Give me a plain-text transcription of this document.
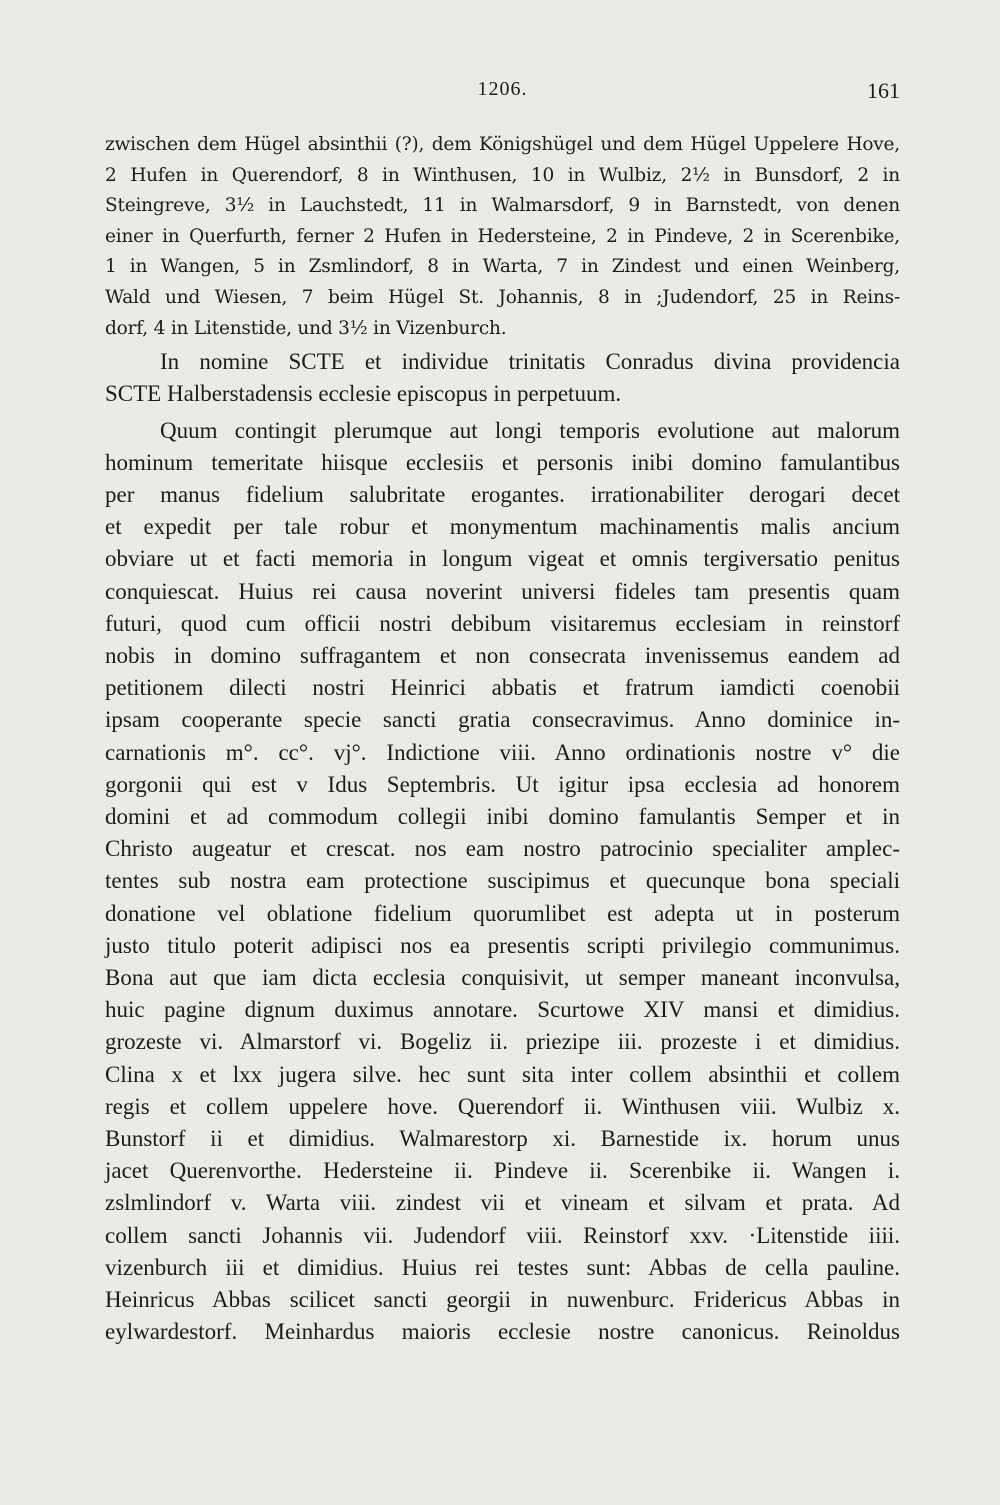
1206.	161
zwischen dem Hügel absinthii (?), dem Königshügel und dem Hügel Uppelere Hove,
2 Hufen in Querendorf, 8 in Winthusen, 10 in Wulbiz, 2½ in Bunsdorf, 2 in
Steingreve, 3½ in Lauchstedt, 11 in Walmarsdorf, 9 in Barnstedt, von denen
einer in Querfurth, ferner 2 Hufen in Hedersteine, 2 in Pindeve, 2 in Scerenbike,
1 in Wangen, 5 in Zsmlindorf, 8 in Warta, 7 in Zindest und einen Weinberg,
Wald und Wiesen, 7 beim Hügel St. Johannis, 8 in ;Judendorf, 25 in Reins-
dorf, 4 in Litenstide, und 3½ in Vizenburch.
In nomine SCTE et individue trinitatis Conradus divina providencia
SCTE Halberstadensis ecclesie episcopus in perpetuum.
Quum contingit plerumque aut longi temporis evolutione aut malorum
hominum temeritate hiisque ecclesiis et personis inibi domino famulantibus
per manus fidelium salubritate erogantes. irrationabiliter derogari decet
et expedit per tale robur et monymentum machinamentis malis ancium
obviare ut et facti memoria in longum vigeat et omnis tergiversatio penitus
conquiescat. Huius rei causa noverint universi fideles tam presentis quam
futuri, quod cum officii nostri debibum visitaremus ecclesiam in reinstorf
nobis in domino suffragantem et non consecrata invenissemus eandem ad
petitionem dilecti nostri Heinrici abbatis et fratrum iamdicti coenobii
ipsam cooperante specie sancti gratia consecravimus. Anno dominice in-
carnationis m°. cc°. vj°. Indictione viii. Anno ordinationis nostre v° die
gorgonii qui est v Idus Septembris. Ut igitur ipsa ecclesia ad honorem
domini et ad commodum collegii inibi domino famulantis Semper et in
Christo augeatur et crescat. nos eam nostro patrocinio specialiter amplec-
tentes sub nostra eam protectione suscipimus et quecunque bona speciali
donatione vel oblatione fidelium quorumlibet est adepta ut in posterum
justo titulo poterit adipisci nos ea presentis scripti privilegio communimus.
Bona aut que iam dicta ecclesia conquisivit, ut semper maneant inconvulsa,
huic pagine dignum duximus annotare. Scurtowe XIV mansi et dimidius.
grozeste vi. Almarstorf vi. Bogeliz ii. priezipe iii. prozeste i et dimidius.
Clina x et lxx jugera silve. hec sunt sita inter collem absinthii et collem
regis et collem uppelere hove. Querendorf ii. Winthusen viii. Wulbiz x.
Bunstorf ii et dimidius. Walmarestorp xi. Barnestide ix. horum unus
jacet Querenvorthe. Hedersteine ii. Pindeve ii. Scerenbike ii. Wangen i.
zslmlindorf v. Warta viii. zindest vii et vineam et silvam et prata. Ad
collem sancti Johannis vii. Judendorf viii. Reinstorf xxv. ·Litenstide iiii.
vizenburch iii et dimidius. Huius rei testes sunt: Abbas de cella pauline.
Heinricus Abbas scilicet sancti georgii in nuwenburc. Fridericus Abbas in
eylwardestorf. Meinhardus maioris ecclesie nostre canonicus. Reinoldus
